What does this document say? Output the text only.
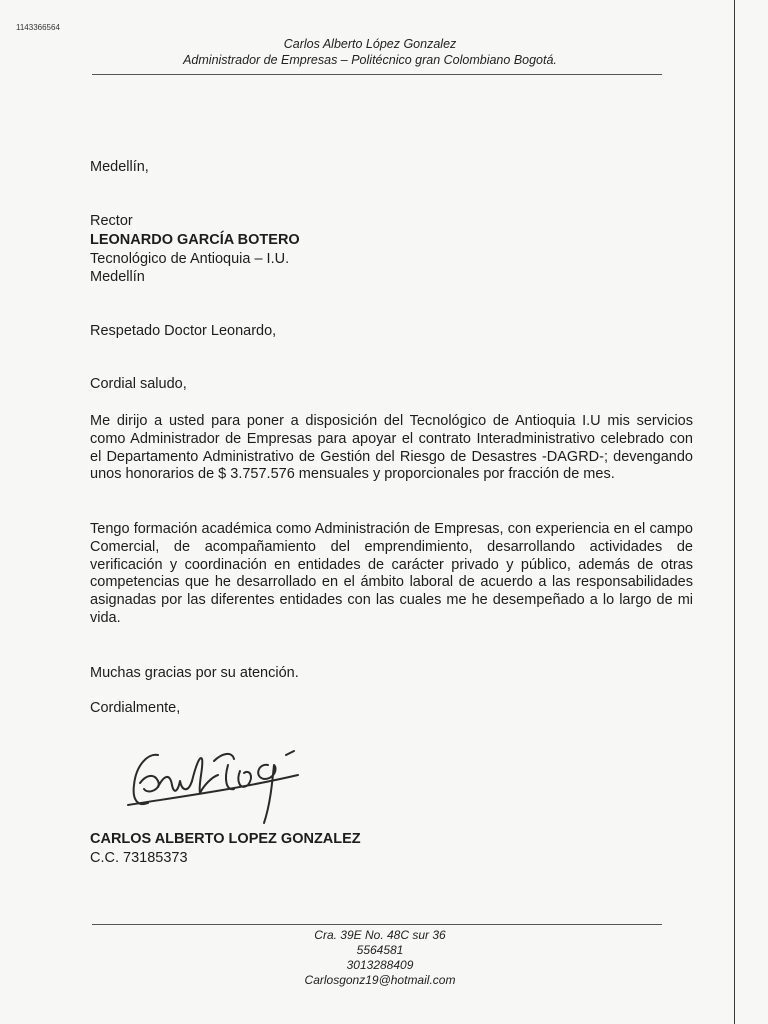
1143366564
Carlos Alberto López Gonzalez
Administrador de Empresas – Politécnico gran Colombiano Bogotá.
Medellín,
Rector
LEONARDO GARCÍA BOTERO
Tecnológico de Antioquia – I.U.
Medellín
Respetado Doctor Leonardo,
Cordial saludo,

Me dirijo a usted para poner a disposición del Tecnológico de Antioquia I.U mis servicios como Administrador de Empresas para apoyar el contrato Interadministrativo celebrado con el Departamento Administrativo de Gestión del Riesgo de Desastres -DAGRD-; devengando unos honorarios de $ 3.757.576 mensuales y proporcionales por fracción de mes.

Tengo formación académica como Administración de Empresas, con experiencia en el campo Comercial, de acompañamiento del emprendimiento, desarrollando actividades de verificación y coordinación en entidades de carácter privado y público, además de otras competencias que he desarrollado en el ámbito laboral de acuerdo a las responsabilidades asignadas por las diferentes entidades con las cuales me he desempeñado a lo largo de mi vida.

Muchas gracias por su atención.
Cordialmente,
CARLOS ALBERTO LOPEZ GONZALEZ
C.C. 73185373
Cra. 39E No. 48C sur 36
5564581
3013288409
Carlosgonz19@hotmail.com
